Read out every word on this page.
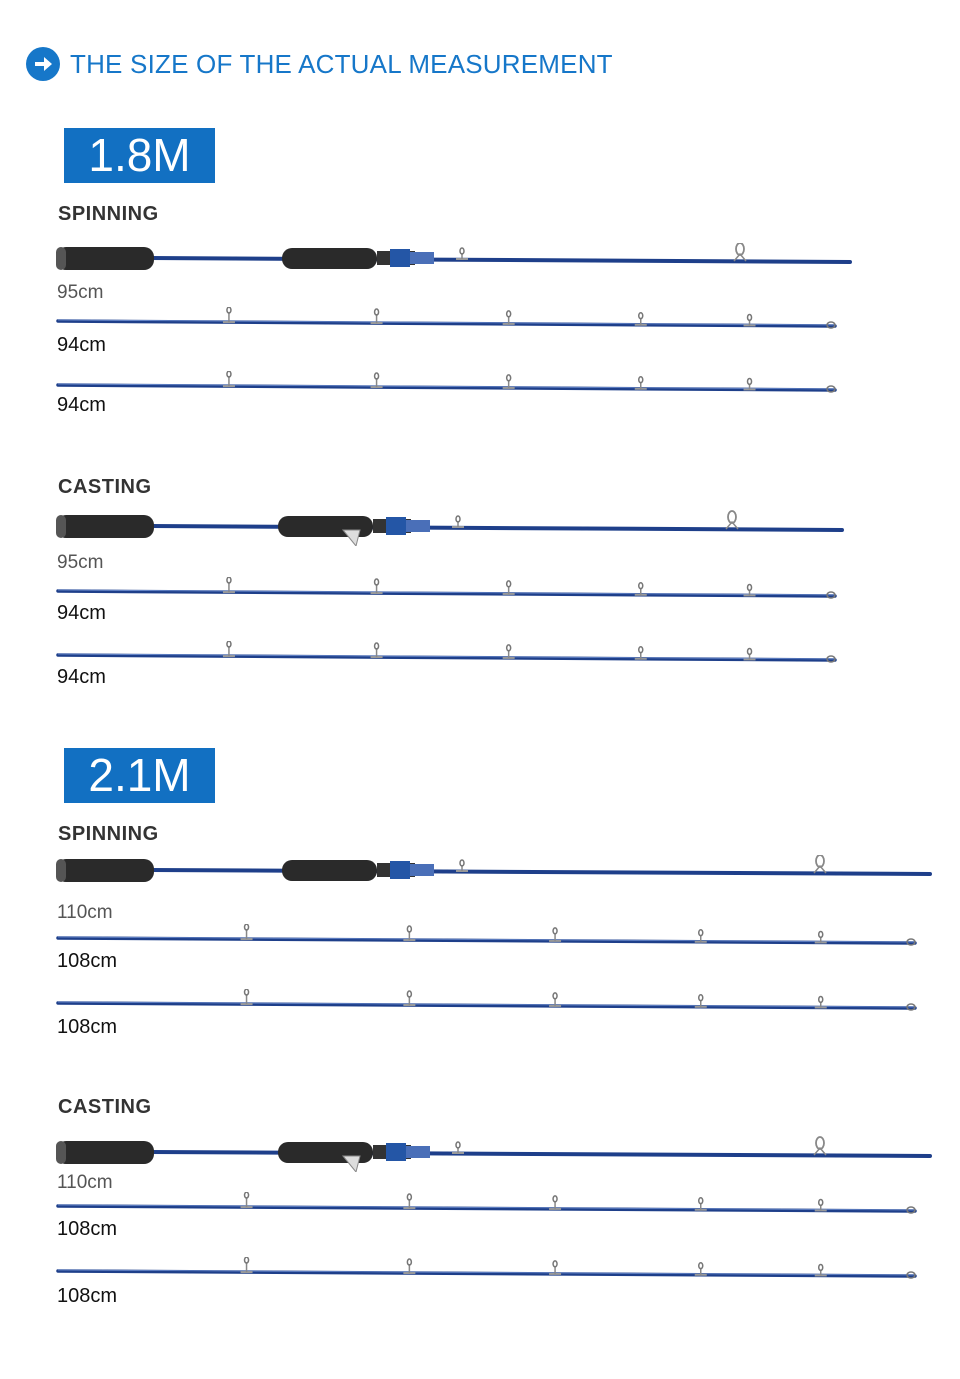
THE SIZE OF THE ACTUAL MEASUREMENT
1.8M
SPINNING
95cm
94cm
94cm
CASTING
95cm
94cm
94cm
2.1M
SPINNING
110cm
108cm
108cm
CASTING
110cm
108cm
108cm
